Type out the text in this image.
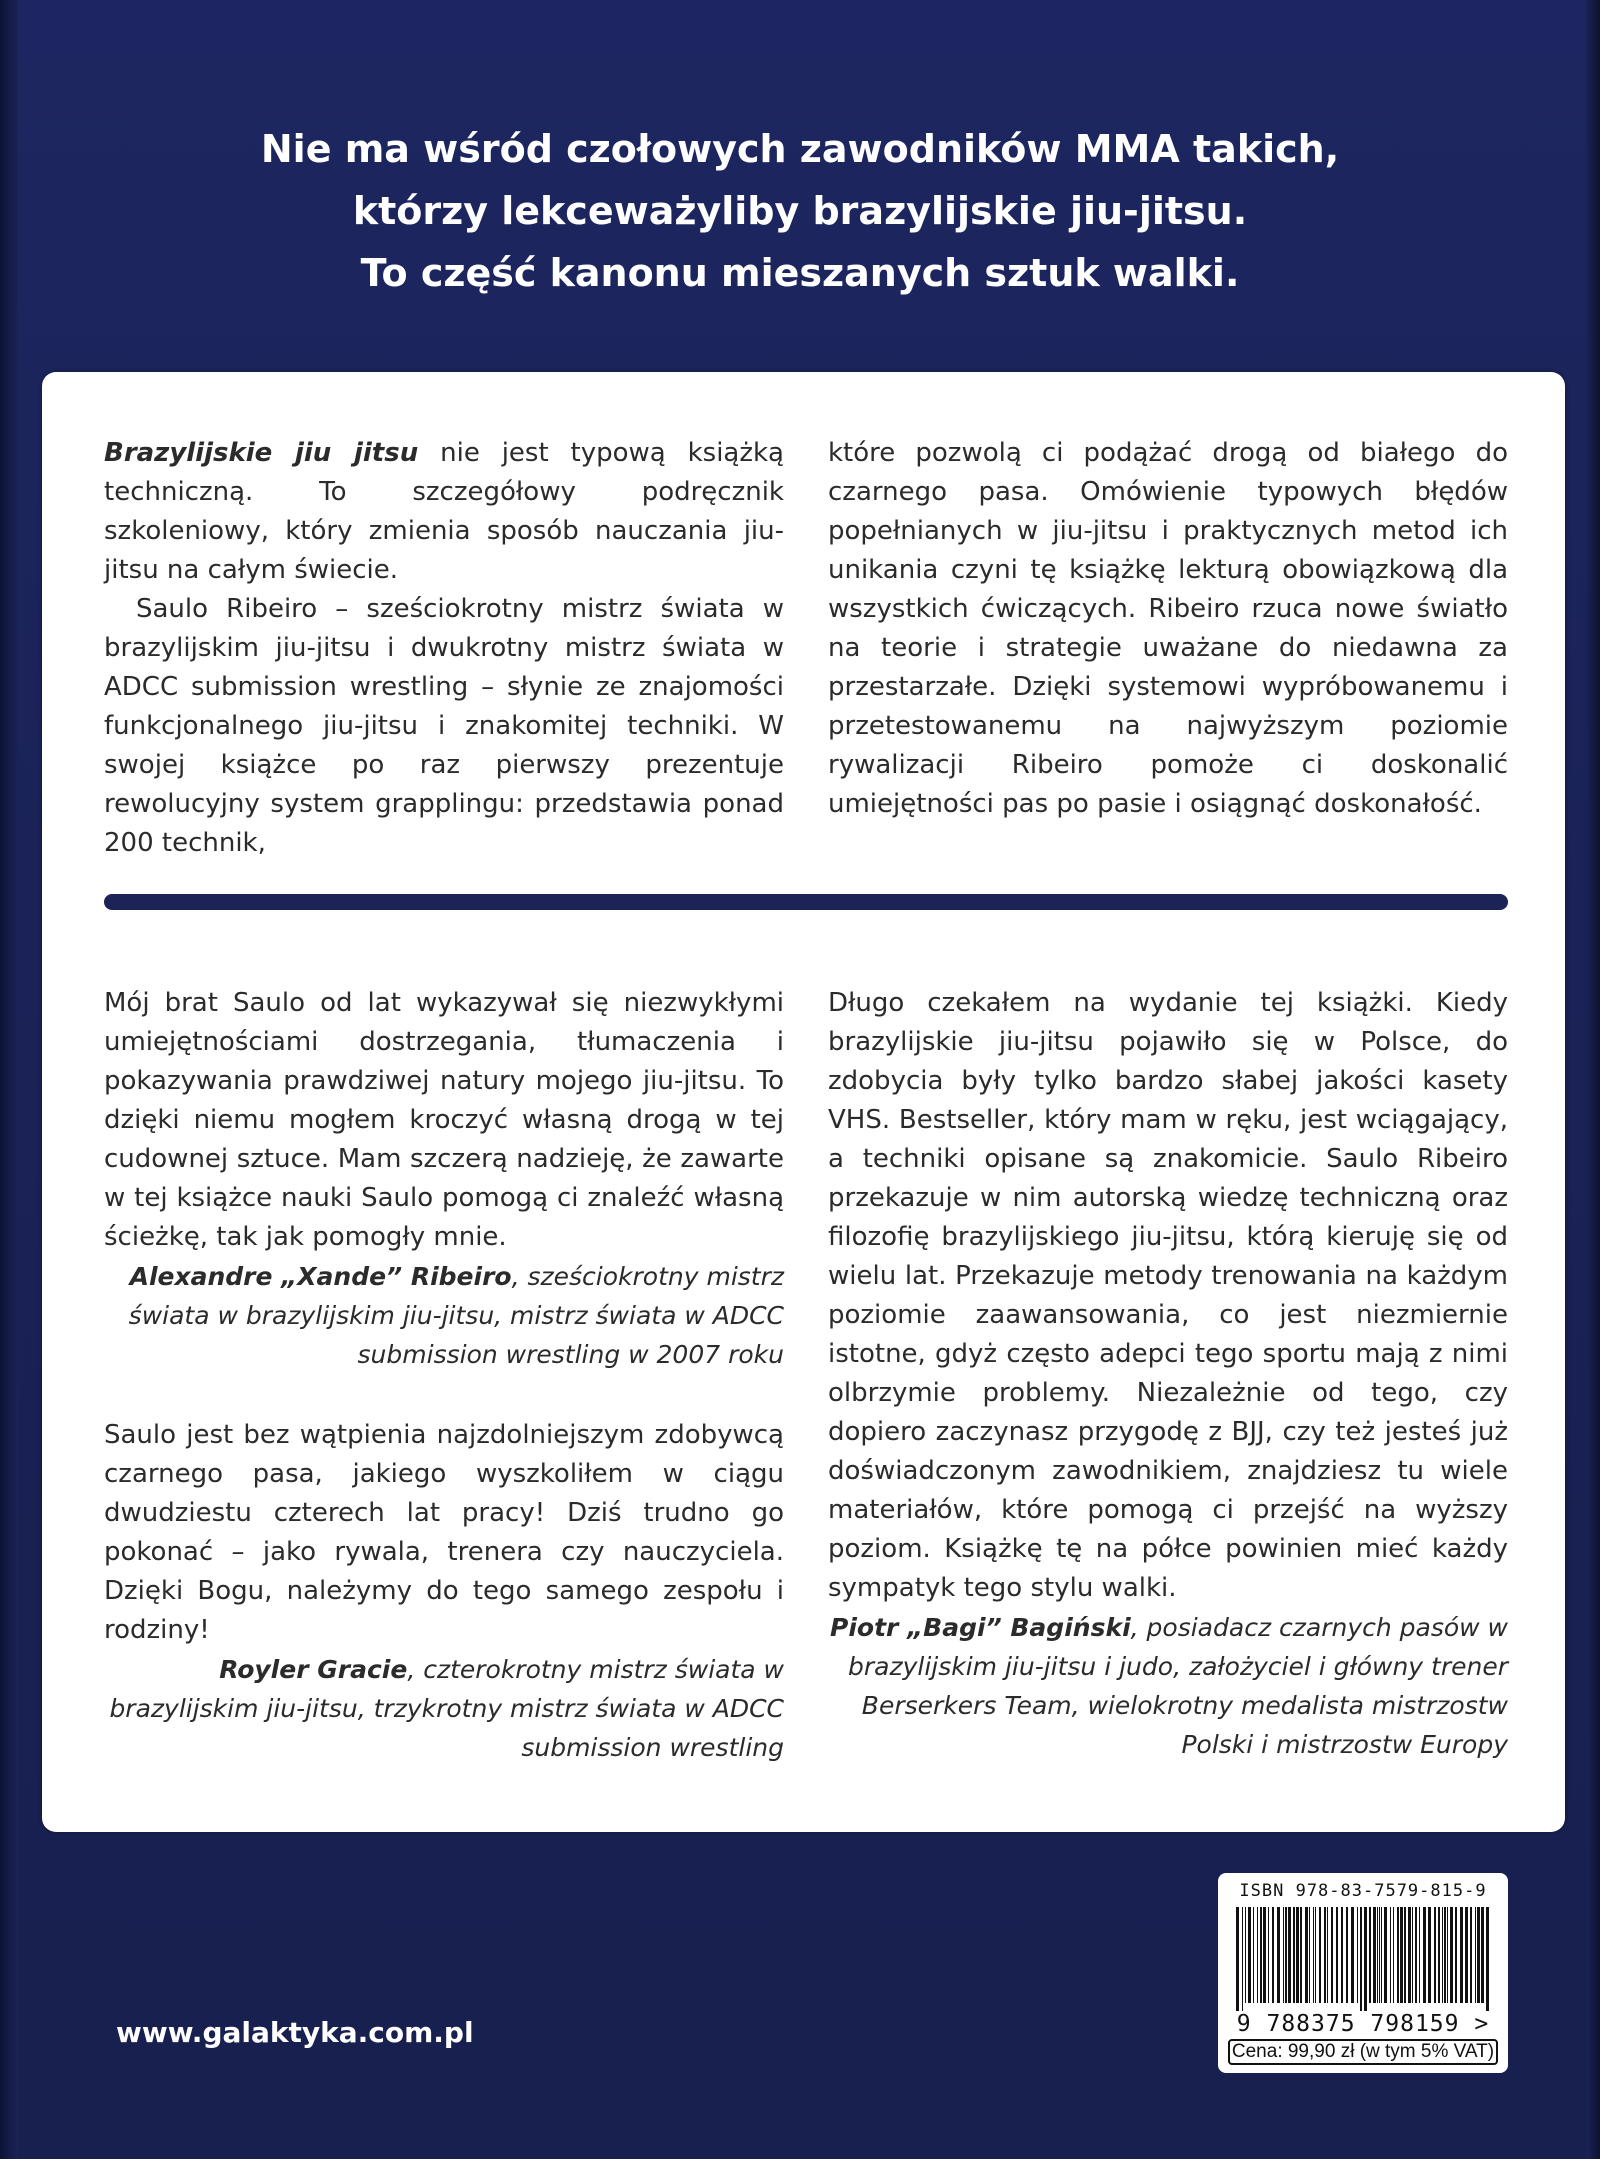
Nie ma wśród czołowych zawodników MMA takich,
którzy lekceważyliby brazylijskie jiu-jitsu.
To część kanonu mieszanych sztuk walki.

Brazylijskie jiu jitsu nie jest typową książką techniczną. To szczegółowy podręcznik szkoleniowy, który zmienia sposób nauczania jiu-jitsu na całym świecie.

Saulo Ribeiro – sześciokrotny mistrz świata w brazylijskim jiu-jitsu i dwukrotny mistrz świata w ADCC submission wrestling – słynie ze znajomości funkcjonalnego jiu-jitsu i znakomitej techniki. W swojej książce po raz pierwszy prezentuje rewolucyjny system grapplingu: przedstawia ponad 200 technik,

które pozwolą ci podążać drogą od białego do czarnego pasa. Omówienie typowych błędów popełnianych w jiu-jitsu i praktycznych metod ich unikania czyni tę książkę lekturą obowiązkową dla wszystkich ćwiczących. Ribeiro rzuca nowe światło na teorie i strategie uważane do niedawna za przestarzałe. Dzięki systemowi wypróbowanemu i przetestowanemu na najwyższym poziomie rywalizacji Ribeiro pomoże ci doskonalić umiejętności pas po pasie i osiągnąć doskonałość.

Mój brat Saulo od lat wykazywał się niezwykłymi umiejętnościami dostrzegania, tłumaczenia i pokazywania prawdziwej natury mojego jiu-jitsu. To dzięki niemu mogłem kroczyć własną drogą w tej cudownej sztuce. Mam szczerą nadzieję, że zawarte w tej książce nauki Saulo pomogą ci znaleźć własną ścieżkę, tak jak pomogły mnie.

Alexandre „Xande” Ribeiro, sześciokrotny mistrz świata w brazylijskim jiu-jitsu, mistrz świata w ADCC submission wrestling w 2007 roku

Saulo jest bez wątpienia najzdolniejszym zdobywcą czarnego pasa, jakiego wyszkoliłem w ciągu dwudziestu czterech lat pracy! Dziś trudno go pokonać – jako rywala, trenera czy nauczyciela. Dzięki Bogu, należymy do tego samego zespołu i rodziny!

Royler Gracie, czterokrotny mistrz świata w brazylijskim jiu-jitsu, trzykrotny mistrz świata w ADCC submission wrestling

Długo czekałem na wydanie tej książki. Kiedy brazylijskie jiu-jitsu pojawiło się w Polsce, do zdobycia były tylko bardzo słabej jakości kasety VHS. Bestseller, który mam w ręku, jest wciągający, a techniki opisane są znakomicie. Saulo Ribeiro przekazuje w nim autorską wiedzę techniczną oraz filozofię brazylijskiego jiu-jitsu, którą kieruję się od wielu lat. Przekazuje metody trenowania na każdym poziomie zaawansowania, co jest niezmiernie istotne, gdyż często adepci tego sportu mają z nimi olbrzymie problemy. Niezależnie od tego, czy dopiero zaczynasz przygodę z BJJ, czy też jesteś już doświadczonym zawodnikiem, znajdziesz tu wiele materiałów, które pomogą ci przejść na wyższy poziom. Książkę tę na półce powinien mieć każdy sympatyk tego stylu walki.

Piotr „Bagi” Bagiński, posiadacz czarnych pasów w brazylijskim jiu-jitsu i judo, założyciel i główny trener Berserkers Team, wielokrotny medalista mistrzostw Polski i mistrzostw Europy
www.galaktyka.com.pl
ISBN 978-83-7579-815-9
9 788375 798159 >
Cena: 99,90 zł (w tym 5% VAT)
